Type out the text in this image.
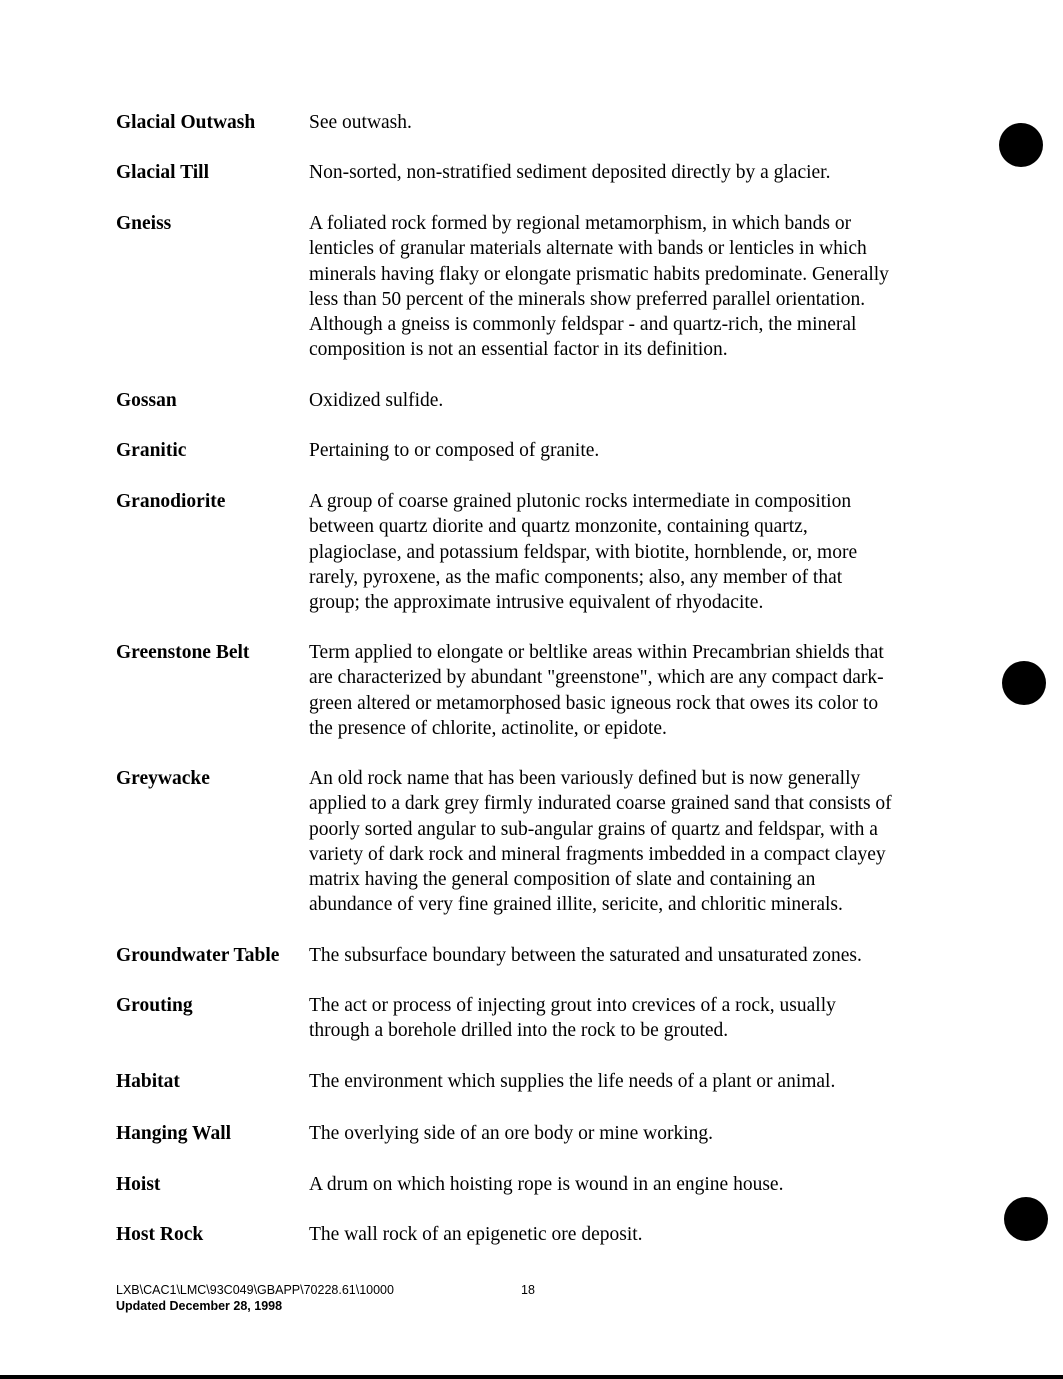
Glacial Outwash	See outwash.
Glacial Till	Non-sorted, non-stratified sediment deposited directly by a glacier.
Gneiss	A foliated rock formed by regional metamorphism, in which bands or
lenticles of granular materials alternate with bands or lenticles in which
minerals having flaky or elongate prismatic habits predominate. Generally
less than 50 percent of the minerals show preferred parallel orientation.
Although a gneiss is commonly feldspar - and quartz-rich, the mineral
composition is not an essential factor in its definition.
Gossan	Oxidized sulfide.
Granitic	Pertaining to or composed of granite.
Granodiorite	A group of coarse grained plutonic rocks intermediate in composition
between quartz diorite and quartz monzonite, containing quartz,
plagioclase, and potassium feldspar, with biotite, hornblende, or, more
rarely, pyroxene, as the mafic components; also, any member of that
group; the approximate intrusive equivalent of rhyodacite.
Greenstone Belt	Term applied to elongate or beltlike areas within Precambrian shields that
are characterized by abundant "greenstone", which are any compact dark-
green altered or metamorphosed basic igneous rock that owes its color to
the presence of chlorite, actinolite, or epidote.
Greywacke	An old rock name that has been variously defined but is now generally
applied to a dark grey firmly indurated coarse grained sand that consists of
poorly sorted angular to sub-angular grains of quartz and feldspar, with a
variety of dark rock and mineral fragments imbedded in a compact clayey
matrix having the general composition of slate and containing an
abundance of very fine grained illite, sericite, and chloritic minerals.
Groundwater Table	The subsurface boundary between the saturated and unsaturated zones.
Grouting	The act or process of injecting grout into crevices of a rock, usually
through a borehole drilled into the rock to be grouted.
Habitat	The environment which supplies the life needs of a plant or animal.
Hanging Wall	The overlying side of an ore body or mine working.
Hoist	A drum on which hoisting rope is wound in an engine house.
Host Rock	The wall rock of an epigenetic ore deposit.
LXB\CAC1\LMC\93C049\GBAPP\70228.61\10000
Updated December 28, 1998
18
